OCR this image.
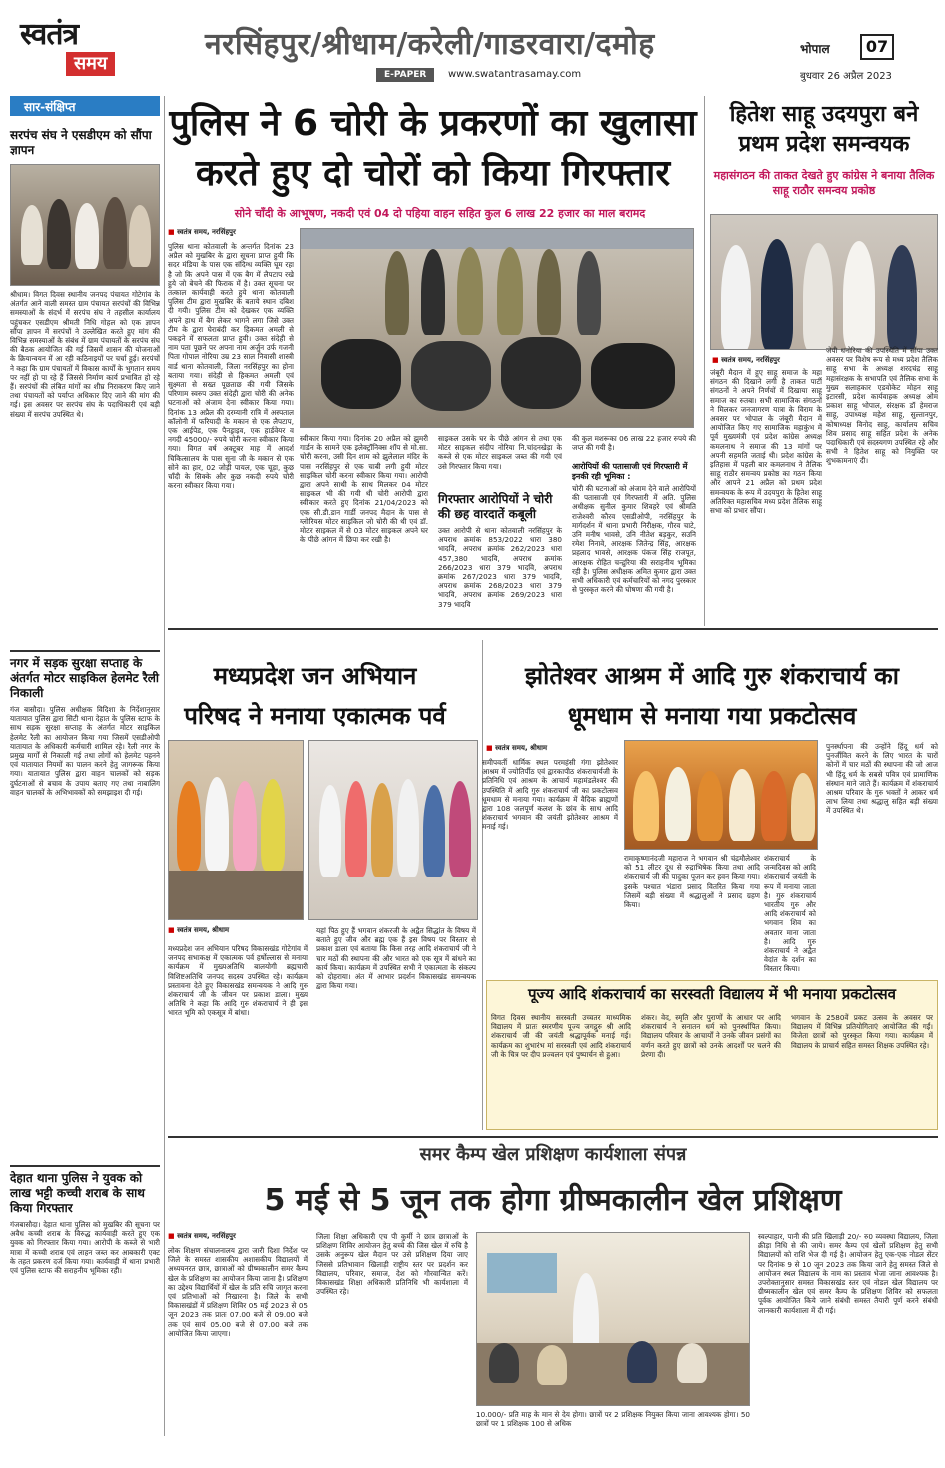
स्वतंत्र
समय
नरसिंहपुर/श्रीधाम/करेली/गाडरवारा/दमोह
E-PAPER	www.swatantrasamay.com
भोपाल	07
बुधवार 26 अप्रैल 2023
सार-संक्षिप्त
सरपंच संघ ने एसडीएम को सौंपा ज्ञापन
श्रीधाम। विगत दिवस स्थानीय जनपद पंचायत गोटेगांव के अंतर्गत आने वाली समस्त ग्राम पंचायत सरपंचों की विभिन्न समस्याओं के संदर्भ में सरपंच संघ ने तहसील कार्यालय पहुंचकर एसडीएम श्रीमती निधि गोहल को एक ज्ञापन सौंपा ज्ञापन में सरपंचों ने उल्लेखित करते हुए मांग की विभिन्न समस्याओं के संबंध में ग्राम पंचायतों के सरपंच संघ की बैठक आयोजित की गई जिसमें शासन की योजनाओं के क्रियान्वयन में आ रही कठिनाइयों पर चर्चा हुई। सरपंचों ने कहा कि ग्राम पंचायतों में विकास कार्यों के भुगतान समय पर नहीं हो पा रहे हैं जिससे निर्माण कार्य प्रभावित हो रहे हैं। सरपंचों की लंबित मांगों का शीघ्र निराकरण किए जाने तथा पंचायतों को पर्याप्त अधिकार दिए जाने की मांग की गई। इस अवसर पर सरपंच संघ के पदाधिकारी एवं बड़ी संख्या में सरपंच उपस्थित थे।
नगर में सड़क सुरक्षा सप्ताह के अंतर्गत मोटर साइकिल हेलमेट रैली निकाली
गंज बासौदा। पुलिस अधीक्षक विदिशा के निर्देशानुसार यातायात पुलिस द्वारा सिटी थाना देहात के पुलिस स्टाफ के साथ सड़क सुरक्षा सप्ताह के अंतर्गत मोटर साइकिल हेलमेट रैली का आयोजन किया गया जिसमें एसडीओपी यातायात के अधिकारी कर्मचारी शामिल रहे। रैली नगर के प्रमुख मार्गों से निकाली गई तथा लोगों को हेलमेट पहनने एवं यातायात नियमों का पालन करने हेतु जागरूक किया गया। यातायात पुलिस द्वारा वाहन चालकों को सड़क दुर्घटनाओं से बचाव के उपाय बताए गए तथा नाबालिग वाहन चालकों के अभिभावकों को समझाइश दी गई।
देहात थाना पुलिस ने युवक को लाख भट्टी कच्ची शराब के साथ किया गिरफ्तार
गंजबासौदा। देहात थाना पुलिस को मुखबिर की सूचना पर अवैध कच्ची शराब के विरुद्ध कार्यवाही करते हुए एक युवक को गिरफ्तार किया गया। आरोपी के कब्जे से भारी मात्रा में कच्ची शराब एवं लाहन जब्त कर आबकारी एक्ट के तहत प्रकरण दर्ज किया गया। कार्यवाही में थाना प्रभारी एवं पुलिस स्टाफ की सराहनीय भूमिका रही।
पुलिस ने 6 चोरी के प्रकरणों का खुलासा
करते हुए दो चोरों को किया गिरफ्तार
सोने चाँदी के आभूषण, नकदी एवं 04 दो पहिया वाहन सहित कुल 6 लाख 22 हजार का माल बरामद
■ स्वतंत्र समय, नरसिंहपुर
पुलिस थाना कोतवाली के अन्तर्गत दिनांक 23 अप्रैल को मुखबिर के द्वारा सूचना प्राप्त हुयी कि सदर मंडिया के पास एक संदिग्ध व्यक्ति घूम रहा है जो कि अपने पास में एक बैग में लैपटाप रखे हुये जो बेचने की फिराक में है। उक्त सूचना पर तत्काल कार्यवाही करते हुये थाना कोतवाली पुलिस टीम द्वारा मुखबिर के बताये स्थान दबिश दी गयी। पुलिस टीम को देखकर एक व्यक्ति अपने हाथ में बैग लेकर भागने लगा जिसे उक्त टीम के द्वारा घेराबंदी कर हिकमत अमली से पकड़ने में सफलता प्राप्त हुयी। उक्त संदेही से नाम पता पूछने पर अपना नाम अर्जुन उर्फ गजनी पिता गोपाल नोरिया उम्र 23 साल निवासी शास्त्री वार्ड थाना कोतवाली, जिला नरसिंहपुर का होना बताया गया। संदेही से हिकमत अमली एवं सुक्ष्मता से सख्त पूछताछ की गयी जिसके परिणाम स्वरुप उक्त संदेही द्वारा चोरी की अनेक घटनाओं को अंजाम देना स्वीकार किया गया। दिनांक 13 अप्रैल की दरम्यानी रात्रि में अस्पताल कॉलोनी में फरियादी के मकान से एक लैपटाप, एक आईपेड, एक पैनड्राइव, एक हार्डवेयर व नगदी 45000/- रुपये चोरी करना स्वीकार किया गया। विगत वर्ष अक्टूबर माह में आदर्श चिकित्सालय के पास सूना जी के मकान से एक सोने का हार, 02 जोड़ी पायल, एक चूड़ा, कुछ चाँदी के सिक्के और कुछ नकदी रुपये चोरी करना स्वीकार किया गया।
स्वीकार किया गया। दिनांक 20 अप्रैल को झुमरी गार्डन के सामने एक इलेक्ट्रॉनिक्स शॉप से मो.सा. चोरी करना, उसी दिन शाम को झुलेलाल मंदिर के पास नरसिंहपुर से एक चाबी लगी हुयी मोटर साइकिल चोरी करना स्वीकार किया गया। आरोपी द्वारा अपने साथी के साथ मिलकर 04 मोटर साइकल भी की गयी थी चोरी आरोपी द्वारा स्वीकार करते हुए दिनांक 21/04/2023 को एक सी.डी.डान गार्डी जनपद मैदान के पास से ग्लोरियस मोटर साइकिल जो चोरी की थी एवं डॉ. मोटर साइकल में से 03 मोटर साइकल अपने घर के पीछे आंगन में छिपा कर रखी है।
साइकल उसके घर के पीछे आंगन से तथा एक मोटर साइकल संदीप नोरिया नि.चांदनखेड़ा के कब्जे से एक मोटर साइकल जब्त की गयी एवं उसे गिरफ्तार किया गया।
गिरफ्तार आरोपियों ने चोरी की छह वारदातें कबूली
उक्त आरोपी से थाना कोतवाली नरसिंहपुर के अपराध क्रमांक 853/2022 धारा 380 भादवि, अपराध क्रमांक 262/2023 धारा 457,380 भादवि, अपराध क्रमांक 266/2023 धारा 379 भादवि, अपराध क्रमांक 267/2023 धारा 379 भादवि, अपराध क्रमांक 268/2023 धारा 379 भादवि, अपराध क्रमांक 269/2023 धारा 379 भादवि
की कुल मशरूका 06 लाख 22 हजार रुपये की जप्त की गयी है।
आरोपियों की पतासाजी एवं गिरफ्तारी में इनकी रही भूमिका :
चोरी की घटनाओं को अंजाम देने वाले आरोपियों की पतासाजी एवं गिरफ्तारी में अति. पुलिस अधीक्षक सुनील कुमार शिवहरे एवं श्रीमति राजेश्वरी कौरव एसडीओपी, नरसिंहपुर के मार्गदर्शन में थाना प्रभारी निरीक्षक, गौरव चाटे, उनि मनीष भावसे, उनि नीतेश बड़कुर, सउनि रमेश निनावे, आरक्षक जितेन्द्र सिंह, आरक्षक प्रहलाद भावसे, आरक्षक पंकज सिंह राजपूत, आरक्षक रोहित चन्द्रुरिया की सराहनीय भूमिका रही है। पुलिस अधीक्षक अमित कुमार द्वारा उक्त सभी अधिकारी एवं कर्मचारियों को नगद पुरस्कार से पुरस्कृत करने की घोषणा की गयी है।
हितेश साहू उदयपुरा बने प्रथम प्रदेश समन्वयक
महासंगठन की ताकत देखते हुए कांग्रेस ने बनाया तैलिक साहू राठौर समन्वय प्रकोष्ठ
■ स्वतंत्र समय, नरसिंहपुर
जंबूरी मैदान में हुए साहू समाज के महा संगठन की दिखाने लगी है ताकत पार्टी संगठनों ने अपने निर्णयों में दिखाया साहू समाज का रुतबा। सभी सामाजिक संगठनों ने मिलकर जनजागरण यात्रा के विराम के अवसर पर भोपाल के जंबूरी मैदान में आयोजित किए गए सामाजिक महाकुंभ में पूर्व मुख्यमंत्री एवं प्रदेश कांग्रेस अध्यक्ष कमलनाथ ने समाज की 13 मांगों पर अपनी सहमति जताई थी। प्रदेश कांग्रेस के इतिहास में पहली बार कमलनाथ ने तैलिक साहू राठौर समन्वय प्रकोष्ठ का गठन किया और आपने 21 अप्रैल को प्रथम प्रदेश समन्वयक के रूप में उदयपुरा के हितेश साहू अतिरिक्त महासचिव मध्य प्रदेश तैलिक साहू सभा को प्रभार सौंपा।
जेपी धनोरिया की उपस्थिति में सौंपा उक्त अवसर पर विशेष रूप से मध्य प्रदेश तैलिक साहू सभा के अध्यक्ष शरदचंद्र साहू महासंरक्षक के सभापति एवं तैलिक सभा के मुख्य सलाहकार एडवोकेट मोहन साहू इटारसी, प्रदेश कार्यवाहक अध्यक्ष ओम प्रकाश साहू भोपाल, संरक्षक डॉ हेमराज साहू, उपाध्यक्ष महेश साहू, सुल्तानपुर, कोषाध्यक्ष विनोद साहू, कार्यालय सचिव शिव प्रसाद साहू सहित प्रदेश के अनेक पदाधिकारी एवं सदस्यगण उपस्थित रहे और सभी ने हितेश साहू को नियुक्ति पर शुभकामनाएं दी।
मध्यप्रदेश जन अभियान
परिषद ने मनाया एकात्मक पर्व
■ स्वतंत्र समय, श्रीधाम
मध्यप्रदेश जन अभियान परिषद विकासखंड गोटेगांव में जनपद सभाकक्ष में एकात्मक पर्व हर्षोल्लास से मनाया कार्यक्रम में मुख्यअतिथि बालयोगी ब्रह्मचारी विशिष्टअतिथि जनपद सदस्य उपस्थित रहे। कार्यक्रम प्रस्तावना देते हुए विकासखंड समन्वयक ने आदि गुरु शंकराचार्य जी के जीवन पर प्रकाश डाला। मुख्य अतिथि ने कहा कि आदि गुरु शंकराचार्य ने ही इस भारत भूमि को एकसूत्र में बांधा।
यहां पिठ हुए हैं भगवान शंकरजी के अद्वैत सिद्धांत के विषय में बताते हुए जीव और ब्रह्म एक हैं इस विषय पर विस्तार से प्रकाश डाला एवं बताया कि किस तरह आदि शंकराचार्य जी ने चार मठों की स्थापना की और भारत को एक सूत्र में बांधने का कार्य किया। कार्यक्रम में उपस्थित सभी ने एकात्मता के संकल्प को दोहराया। अंत में आभार प्रदर्शन विकासखंड समन्वयक द्वारा किया गया।
झोतेश्वर आश्रम में आदि गुरु शंकराचार्य का
धूमधाम से मनाया गया प्रकटोत्सव
■ स्वतंत्र समय, श्रीधाम
समीपवर्ती धार्मिक स्थल परमहंसी गंगा झोतेश्वर आश्रम में ज्योतिर्पीठ एवं द्वारकापीठ शंकराचार्यजी के प्रतिनिधि एवं आश्रम के आचार्य महामंडलेश्वर की उपस्थिति में आदि गुरु शंकराचार्य जी का प्रकटोत्सव धूमधाम से मनाया गया। कार्यक्रम में वैदिक ब्राह्मणों द्वारा 108 जलपूर्ण कलश के छांव के साथ आदि शंकराचार्य भगवान की जयंती झोतेश्वर आश्रम में मनाई गई।
रामाकृष्णानंदजी महाराज ने भगवान श्री चंद्रमौलेश्वर को 51 लीटर दूध से रुद्राभिषेक किया तथा आदि शंकराचार्य जी की पादुका पूजन कर हवन किया गया। इसके पश्चात भंडारा प्रसाद वितरित किया गया जिसमें बड़ी संख्या में श्रद्धालुओं ने प्रसाद ग्रहण किया।
शंकराचार्य के जन्मदिवस को आदि शंकराचार्य जयंती के रूप में मनाया जाता है। गुरु शंकराचार्य भारतीय गुरु और आदि शंकराचार्य को भगवान शिव का अवतार माना जाता है। आदि गुरु शंकराचार्य ने अद्वैत वेदांत के दर्शन का विस्तार किया।
पुनर्स्थापना की उन्होंने हिंदू धर्म को पुनर्जीवित करने के लिए भारत के चारों कोनों में चार मठों की स्थापना की जो आज भी हिंदू धर्म के सबसे पवित्र एवं प्रामाणिक संस्थान माने जाते हैं। कार्यक्रम में शंकराचार्य आश्रम परिवार के गुरु भक्तों ने आकर धर्म लाभ लिया तथा श्रद्धालु सहित बड़ी संख्या में उपस्थित थे।
पूज्य आदि शंकराचार्य का सरस्वती विद्यालय में भी मनाया प्रकटोत्सव
विगत दिवस स्थानीय सरस्वती उच्चतर माध्यमिक विद्यालय में प्रातः स्मरणीय पूज्य जगद्गुरु श्री आदि शंकराचार्य जी की जयंती श्रद्धापूर्वक मनाई गई। कार्यक्रम का शुभारंभ मां सरस्वती एवं आदि शंकराचार्य जी के चित्र पर दीप प्रज्वलन एवं पुष्पार्चन से हुआ।
शंकर। वेद, स्मृति और पुराणों के आधार पर आदि शंकराचार्य ने सनातन धर्म को पुनर्स्थापित किया। विद्यालय परिवार के आचार्यों ने उनके जीवन प्रसंगों का वर्णन करते हुए छात्रों को उनके आदर्शों पर चलने की प्रेरणा दी।
भगवान के 2580वें प्रकट उत्सव के अवसर पर विद्यालय में विभिन्न प्रतियोगिताएं आयोजित की गईं। विजेता छात्रों को पुरस्कृत किया गया। कार्यक्रम में विद्यालय के प्राचार्य सहित समस्त शिक्षक उपस्थित रहे।
समर कैम्प खेल प्रशिक्षण कार्यशाला संपन्न
5 मई से 5 जून तक होगा ग्रीष्मकालीन खेल प्रशिक्षण
■ स्वतंत्र समय, नरसिंहपुर
लोक शिक्षण संचालनालय द्वारा जारी दिशा निर्देश पर जिले के समस्त शासकीय अशासकीय विद्यालयों में अध्ययनरत छात्र, छात्राओं को ग्रीष्मकालीन समर कैम्प खेल के प्रशिक्षण का आयोजन किया जाना है। प्रशिक्षण का उद्देश्य विद्यार्थियों में खेल के प्रति रुचि जागृत करना एवं प्रतिभाओं को निखारना है। जिले के सभी विकासखंडों में प्रशिक्षण शिविर 05 मई 2023 से 05 जून 2023 तक प्रातः 07.00 बजे से 09.00 बजे तक एवं सायं 05.00 बजे से 07.00 बजे तक आयोजित किया जाएगा।
जिला शिक्षा अधिकारी एच पी कुर्मी ने छात्र छात्राओं के प्रशिक्षण शिविर आयोजन हेतु बच्चे की जिस खेल में रुचि है उसके अनुरूप खेल मैदान पर उसे प्रशिक्षण दिया जाए जिससे प्रतिभावान खिलाड़ी राष्ट्रीय स्तर पर प्रदर्शन कर विद्यालय, परिवार, समाज, देश को गौरवान्वित करें। विकासखंड शिक्षा अधिकारी प्रतिनिधि भी कार्यशाला में उपस्थित रहे।
10.000/- प्रति माह के मान से देय होगा। छात्रों पर 2 प्रशिक्षक नियुक्त किया जाना आवश्यक होगा। 50 छात्रों पर 1 प्रशिक्षक 100 से अधिक
स्वल्पाहार, पानी की प्रति खिलाड़ी 20/- रु0 व्यवस्था विद्यालय, जिला क्रीड़ा निधि से की जाये। समर कैम्प एवं खेलों प्रशिक्षण हेतु सभी विद्यालयों को राशि भेज दी गई है। आयोजन हेतु एक-एक नोडल सेंटर पर दिनांक 9 से 10 जून 2023 तक किया जाने हेतु समस्त जिले से आयोजन स्थल विद्यालय के नाम का प्रस्ताव भेजा जाना आवश्यक है। उपरोक्तानुसार समस्त विकासखंड स्तर एवं नोडल खेल विद्यालय पर ग्रीष्मकालीन खेल एवं समर कैम्प के प्रशिक्षण शिविर को सफलता पूर्वक आयोजित किये जाने संबंधी समस्त तैयारी पूर्ण करने संबंधी जानकारी कार्यशाला में दी गई।
